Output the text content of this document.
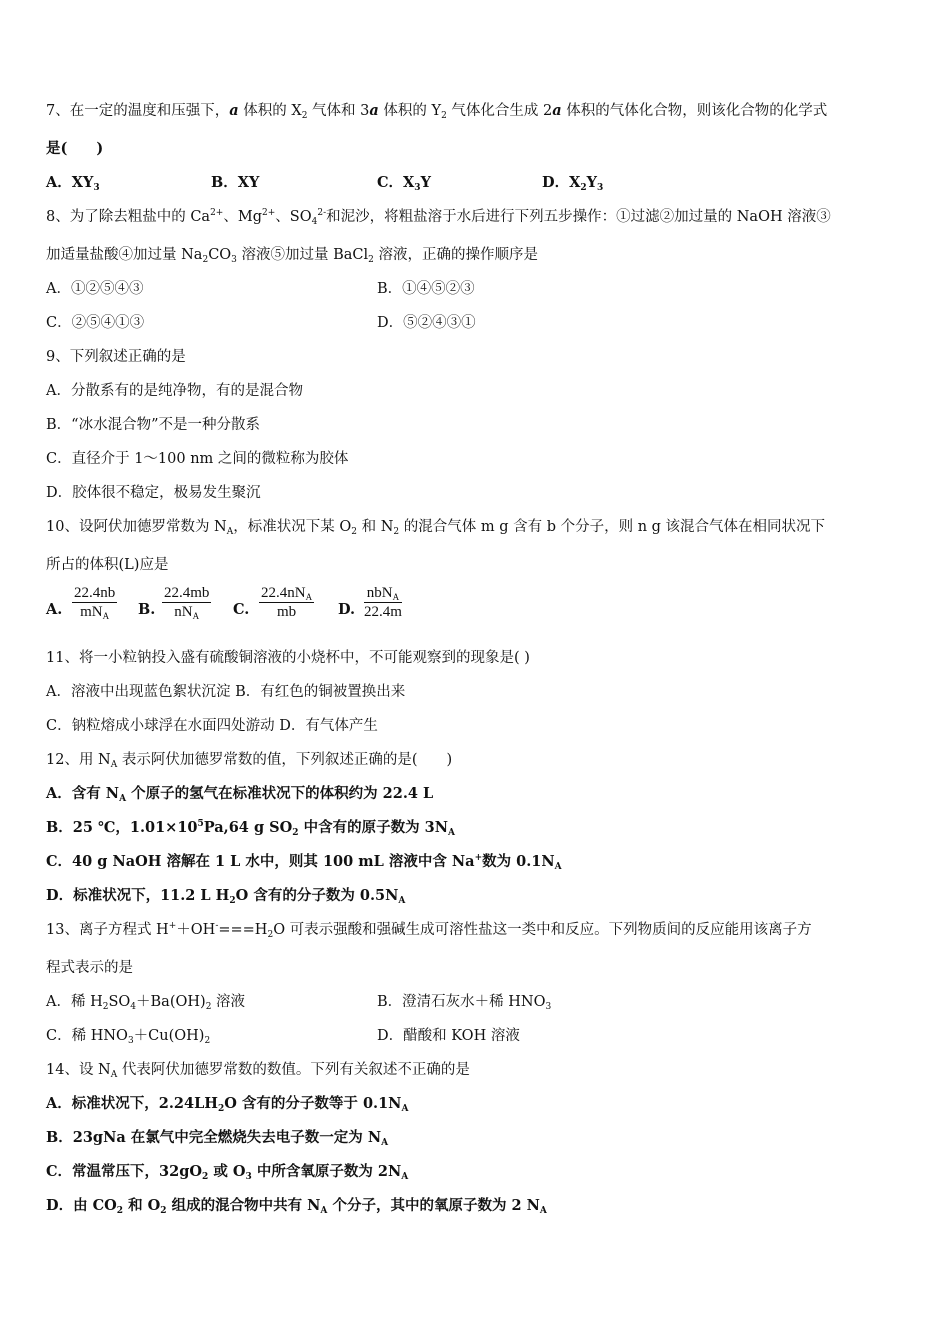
7、在一定的温度和压强下，a 体积的 $X_2$ 气体和 3a 体积的 $Y_2$ 气体化合生成 2a 体积的气体化合物，则该化合物的化学式
是(　　)
A．$XY_3$	B．XY	C．$X_3Y$	D．$X_2Y_3$
8、为了除去粗盐中的 $Ca^{2+}$、$Mg^{2+}$、$SO_4^{2-}$和泥沙，将粗盐溶于水后进行下列五步操作：①过滤②加过量的 NaOH 溶液③
加适量盐酸④加过量 $Na_2CO_3$ 溶液⑤加过量 BaCl$_2$ 溶液，正确的操作顺序是
A．①②⑤④③	B．①④⑤②③
C．②⑤④①③	D．⑤②④③①
9、下列叙述正确的是
A．分散系有的是纯净物，有的是混合物
B．“冰水混合物”不是一种分散系
C．直径介于 1～100 nm 之间的微粒称为胶体
D．胶体很不稳定，极易发生聚沉
10、设阿伏加德罗常数为 $N_A$，标准状况下某 $O_2$ 和 $N_2$ 的混合气体 m g 含有 b 个分子，则 n g 该混合气体在相同状况下
所占的体积(L)应是
A.
22.4nb
$mN_A$	B.
22.4mb
$nN_A$	C.
$22.4nN_A$
mb	D.
nbN$_A$
22.4m
11、将一小粒钠投入盛有硫酸铜溶液的小烧杯中，不可能观察到的现象是( )
A．溶液中出现蓝色絮状沉淀 B．有红色的铜被置换出来
C．钠粒熔成小球浮在水面四处游动 D．有气体产生
12、用 $N_A$ 表示阿伏加德罗常数的值，下列叙述正确的是(　　)
A．含有 $N_A$ 个原子的氢气在标准状况下的体积约为 22.4 L
B．25 ℃，$1.01\times 10^5Pa,64$ g $SO_2$ 中含有的原子数为 $3N_A$
C．40 g NaOH 溶解在 1 L 水中，则其 100 mL 溶液中含 Na+数为 $0.1N_A$
D．标准状况下，11.2 L $H_2O$ 含有的分子数为 $0.5N_A$
13、离子方程式 $H^++OH^-===H_2O$ 可表示强酸和强碱生成可溶性盐这一类中和反应。下列物质间的反应能用该离子方
程式表示的是
A．稀 $H_2SO_4+Ba(OH)_2$ 溶液	B．澄清石灰水＋稀 $HNO_3$
C．稀 $HNO_3+Cu(OH)_2$	D．醋酸和 KOH 溶液
14、设 $N_A$ 代表阿伏加德罗常数的数值。下列有关叙述不正确的是
A．标准状况下，$2.24LH_2O$ 含有的分子数等于 $0.1N_A$
B．23gNa 在氯气中完全燃烧失去电子数一定为 $N_A$
C．常温常压下，$32gO_2$ 或 $O_3$ 中所含氧原子数为 $2N_A$
D．由 $CO_2$ 和 $O_2$ 组成的混合物中共有 $N_A$ 个分子，其中的氧原子数为 2 $N_A$
